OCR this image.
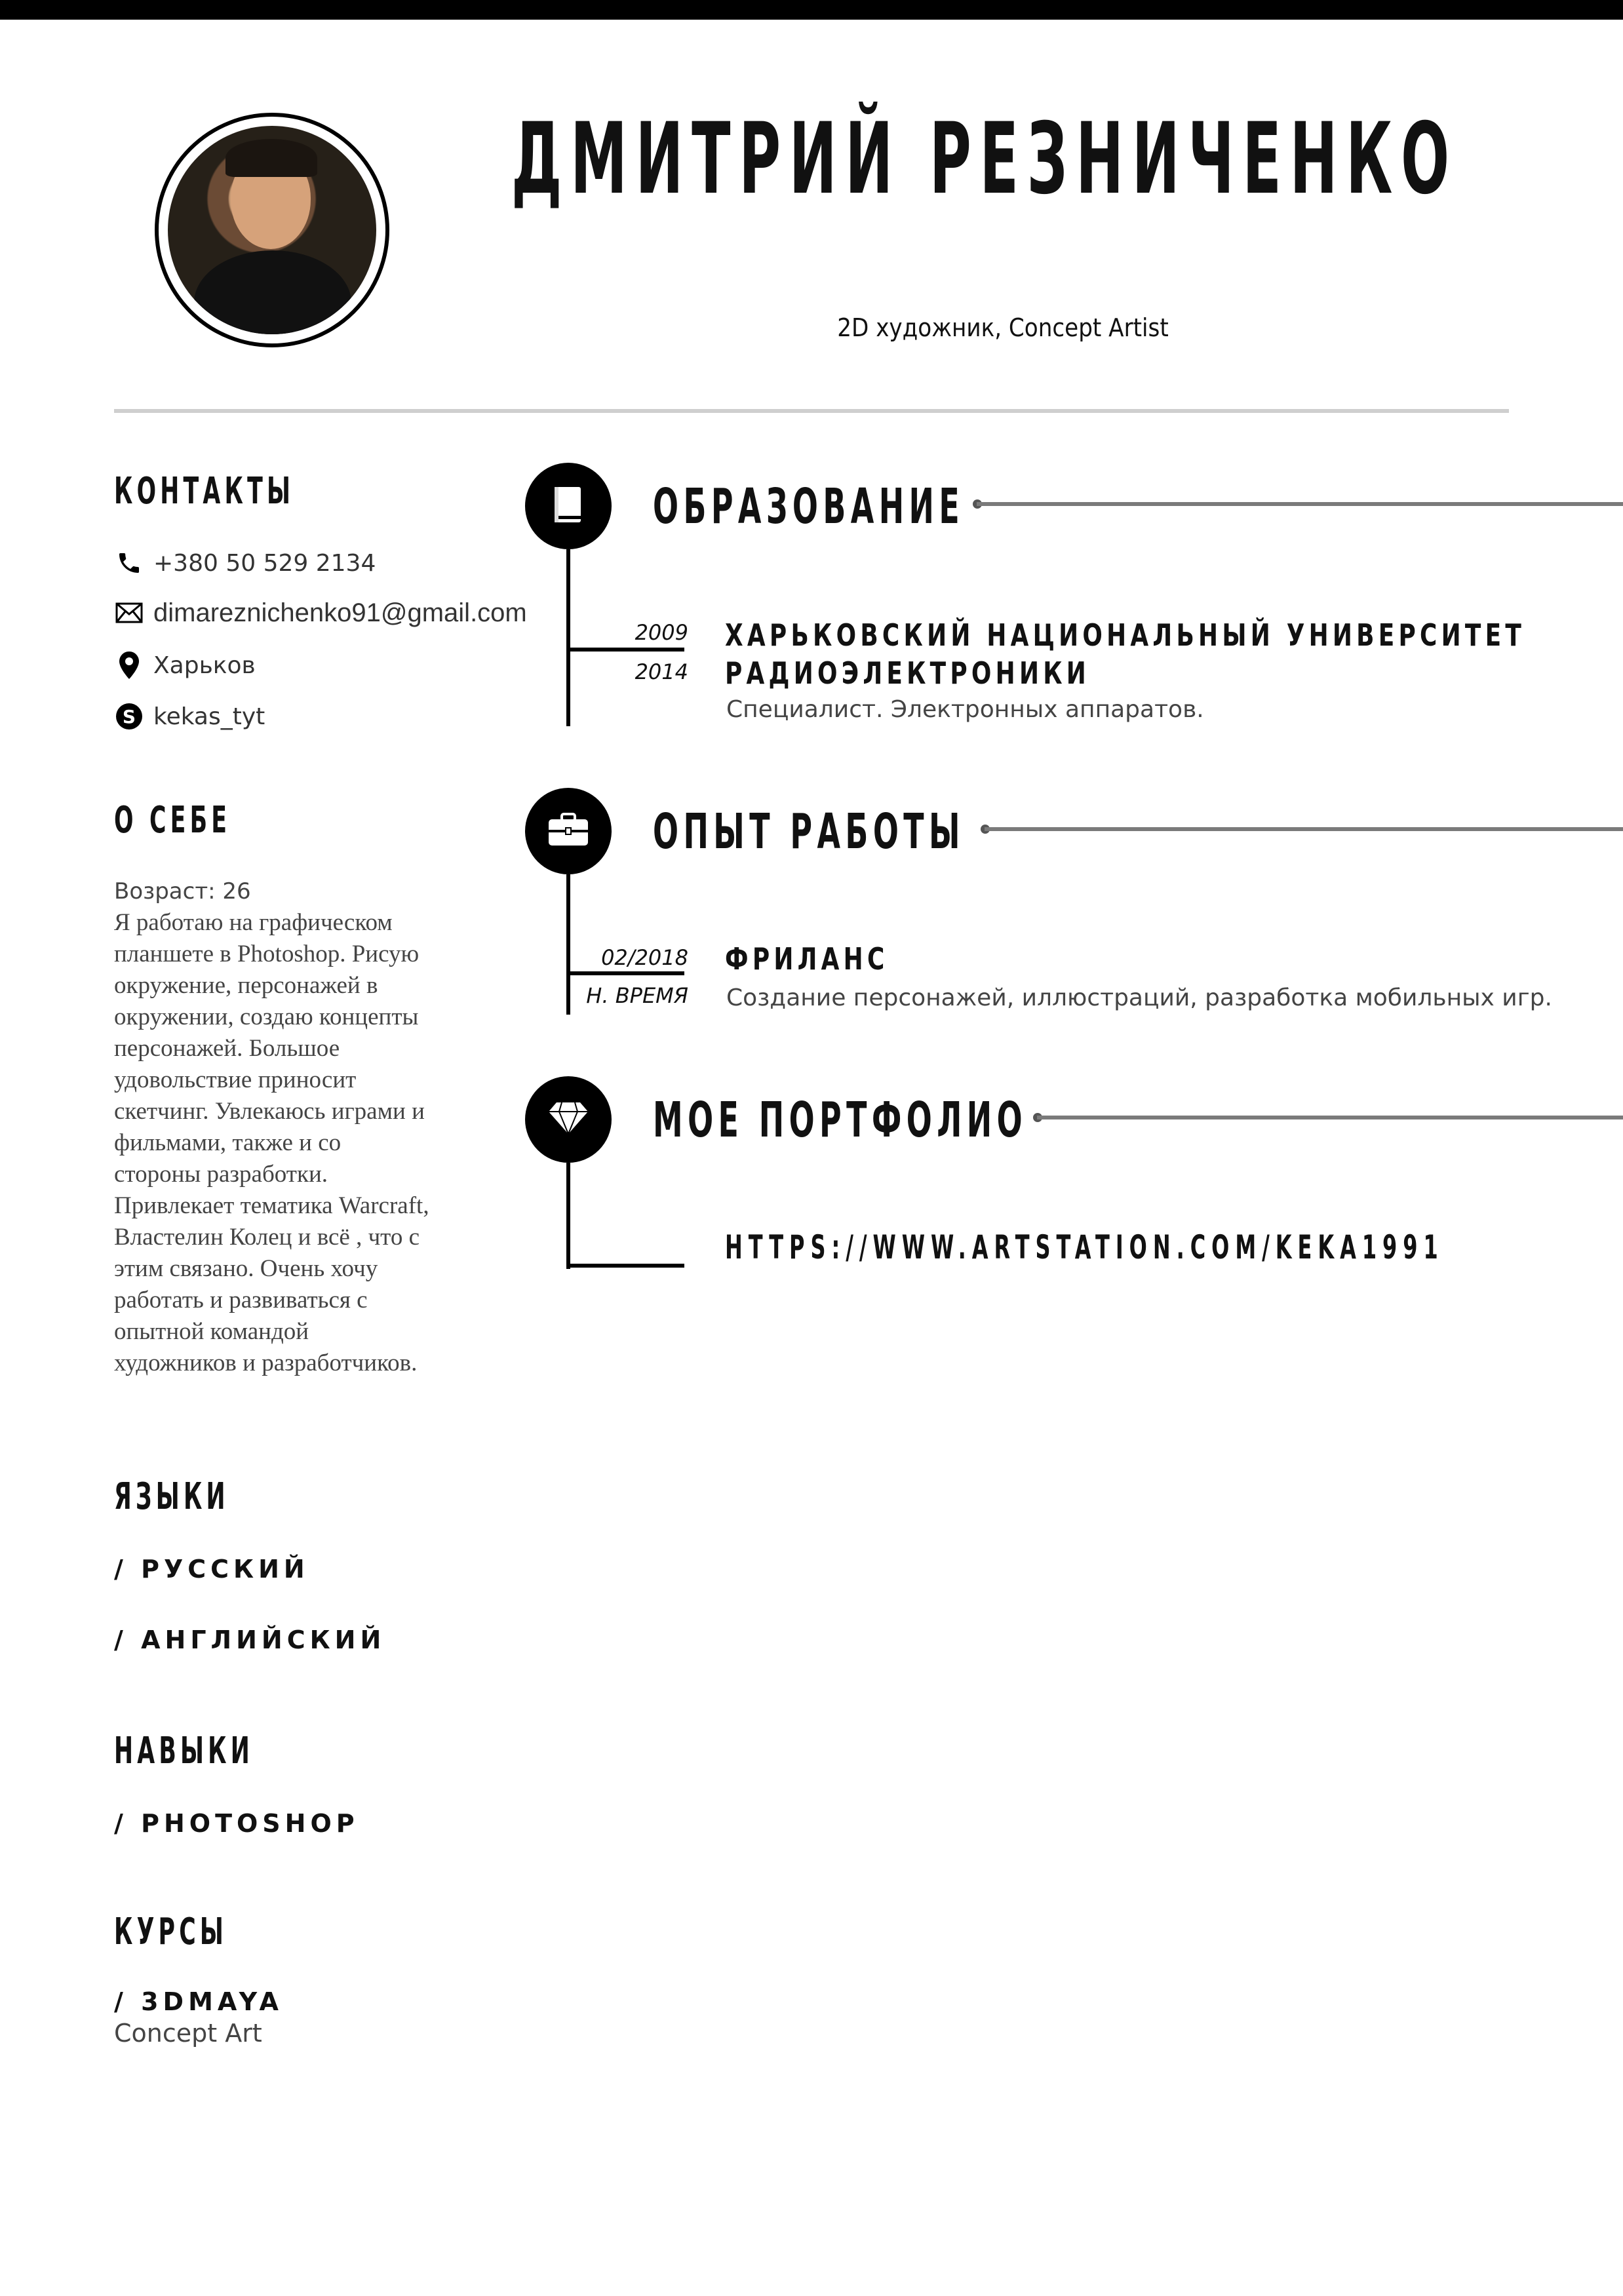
ДМИТРИЙ РЕЗНИЧЕНКО
2D художник, Concept Artist
КОНТАКТЫ
+380 50 529 2134
dimareznichenko91@gmail.com
Харьков
S kekas_tyt
О СЕБЕ
Возраст: 26
Я работаю на графическом
планшете в Photoshop. Рисую
окружение, персонажей в
окружении, создаю концепты
персонажей. Большое
удовольствие приносит
скетчинг. Увлекаюсь играми и
фильмами, также и со
стороны разработки.
Привлекает тематика Warcraft,
Властелин Колец и всё , что с
этим связано. Очень хочу
работать и развиваться с
опытной командой
художников и разработчиков.
ЯЗЫКИ
/ РУССКИЙ
/ АНГЛИЙСКИЙ
НАВЫКИ
/ PHOTOSHOP
КУРСЫ
/ 3DMAYA
Concept Art
ОБРАЗОВАНИЕ
2009
2014
ХАРЬКОВСКИЙ НАЦИОНАЛЬНЫЙ УНИВЕРСИТЕТ
РАДИОЭЛЕКТРОНИКИ
Специалист. Электронных аппаратов.
ОПЫТ РАБОТЫ
02/2018
Н. ВРЕМЯ
ФРИЛАНС
Создание персонажей, иллюстраций, разработка мобильных игр.
МОЕ ПОРТФОЛИО
HTTPS://WWW.ARTSTATION.COM/KEKA1991
